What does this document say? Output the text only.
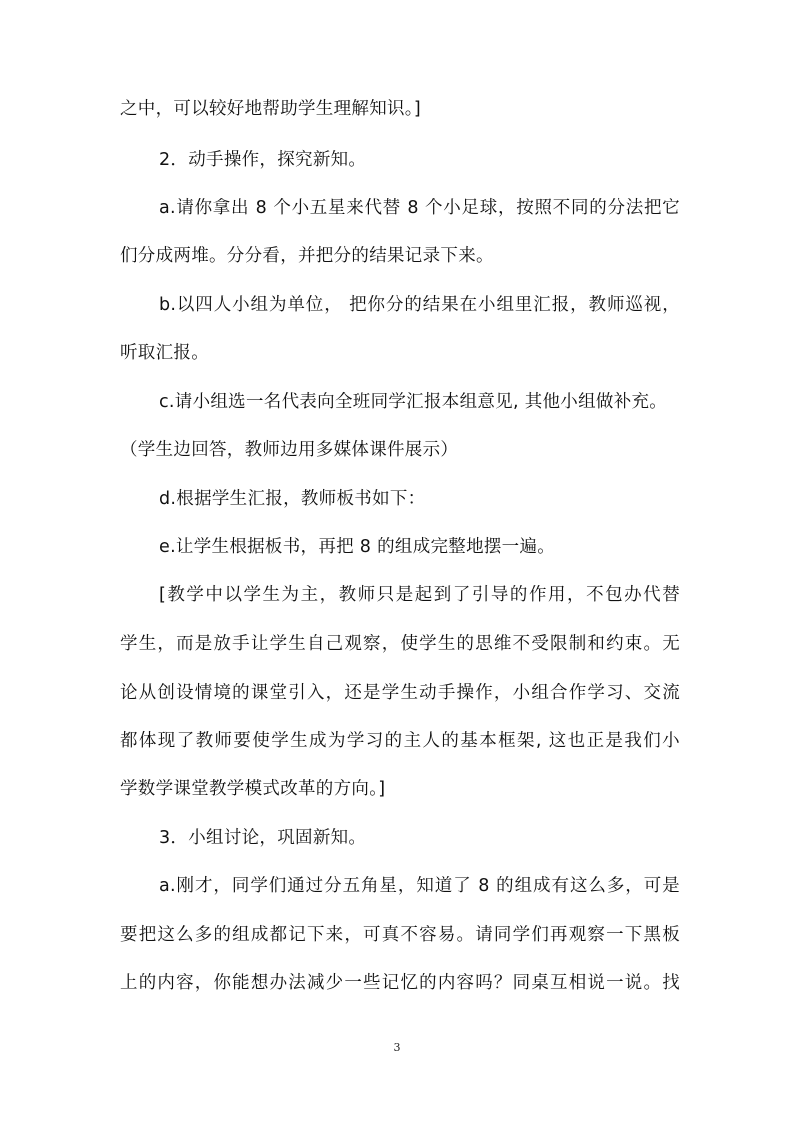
之中，可以较好地帮助学生理解知识。]
2．动手操作，探究新知。
a.请你拿出 8 个小五星来代替 8 个小足球，按照不同的分法把它
们分成两堆。分分看，并把分的结果记录下来。
b.以四人小组为单位， 把你分的结果在小组里汇报，教师巡视，
听取汇报。
c.请小组选一名代表向全班同学汇报本组意见, 其他小组做补充。
（学生边回答，教师边用多媒体课件展示）
d.根据学生汇报，教师板书如下：
e.让学生根据板书，再把 8 的组成完整地摆一遍。
[教学中以学生为主，教师只是起到了引导的作用，不包办代替
学生，而是放手让学生自己观察，使学生的思维不受限制和约束。无
论从创设情境的课堂引入，还是学生动手操作，小组合作学习、交流
都体现了教师要使学生成为学习的主人的基本框架, 这也正是我们小
学数学课堂教学模式改革的方向。]
3．小组讨论，巩固新知。
a.刚才，同学们通过分五角星，知道了 8 的组成有这么多，可是
要把这么多的组成都记下来，可真不容易。请同学们再观察一下黑板
上的内容，你能想办法减少一些记忆的内容吗？同桌互相说一说。找
3
